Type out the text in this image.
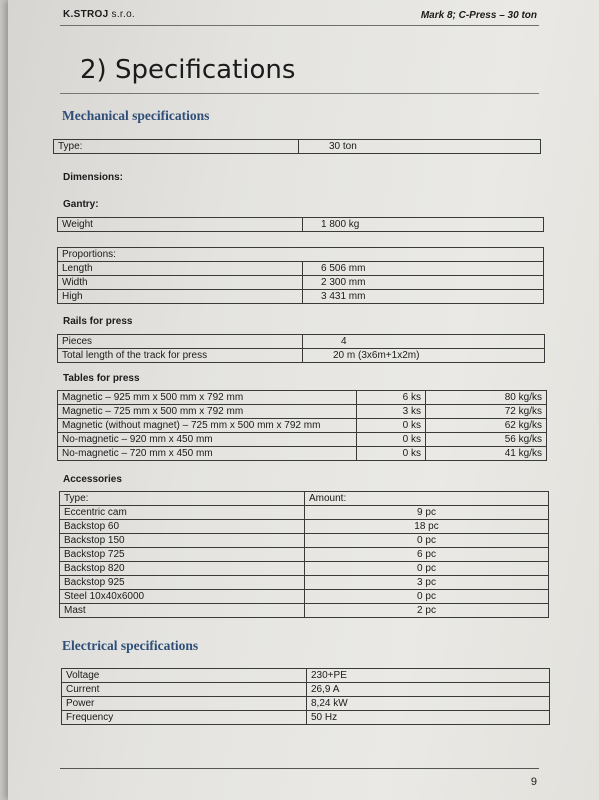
K.STROJ s.r.o.	Mark 8; C-Press – 30 ton
2) Specifications
Mechanical specifications
Type:	30 ton
Dimensions:
Gantry:
Weight	1 800 kg
Proportions:	
Length	6 506 mm
Width	2 300 mm
High	3 431 mm
Rails for press
Pieces	4
Total length of the track for press	20 m (3x6m+1x2m)
Tables for press
Magnetic – 925 mm x 500 mm x 792 mm	6 ks	80 kg/ks
Magnetic – 725 mm x 500 mm x 792 mm	3 ks	72 kg/ks
Magnetic (without magnet) – 725 mm x 500 mm x 792 mm	0 ks	62 kg/ks
No-magnetic – 920 mm x 450 mm	0 ks	56 kg/ks
No-magnetic – 720 mm x 450 mm	0 ks	41 kg/ks
Accessories
Type:	Amount:
Eccentric cam	9 pc
Backstop 60	18 pc
Backstop 150	0 pc
Backstop 725	6 pc
Backstop 820	0 pc
Backstop 925	3 pc
Steel 10x40x6000	0 pc
Mast	2 pc
Electrical specifications
Voltage	230+PE
Current	26,9 A
Power	8,24 kW
Frequency	50 Hz
9
